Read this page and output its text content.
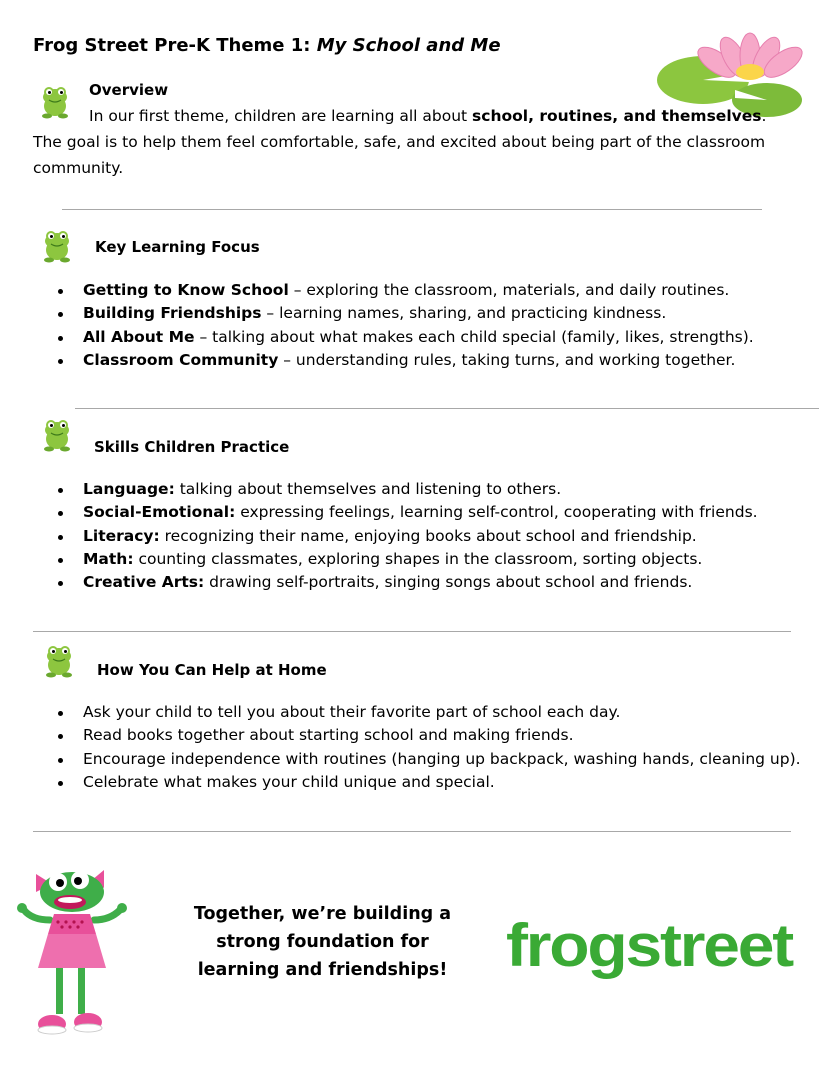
Frog Street Pre-K Theme 1: My School and Me
Overview
In our first theme, children are learning all about school, routines, and themselves. The goal is to help them feel comfortable, safe, and excited about being part of the classroom community.
Key Learning Focus
Getting to Know School – exploring the classroom, materials, and daily routines.
Building Friendships – learning names, sharing, and practicing kindness.
All About Me – talking about what makes each child special (family, likes, strengths).
Classroom Community – understanding rules, taking turns, and working together.
Skills Children Practice
Language: talking about themselves and listening to others.
Social-Emotional: expressing feelings, learning self-control, cooperating with friends.
Literacy: recognizing their name, enjoying books about school and friendship.
Math: counting classmates, exploring shapes in the classroom, sorting objects.
Creative Arts: drawing self-portraits, singing songs about school and friends.
How You Can Help at Home
Ask your child to tell you about their favorite part of school each day.
Read books together about starting school and making friends.
Encourage independence with routines (hanging up backpack, washing hands, cleaning up).
Celebrate what makes your child unique and special.
Together, we’re building a
strong foundation for
learning and friendships! frogstreet
